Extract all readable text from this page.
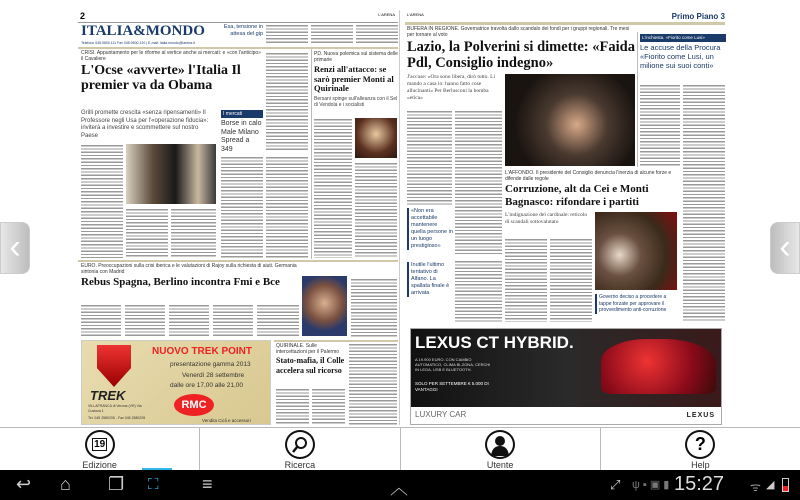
2	L'ARENA
ITALIA&MONDO
Telefono 045.9600.111 Fax 045.9600.120 | E-mail: italia.mondo@larena.it
Esa, tensione in attesa del gip
CRISI. Appuntamento per le riforme al vertice anche ai mercati: e «con l'anticipo» il Cavaliere
L'Ocse «avverte» l'Italia Il premier va da Obama
Grilli promette crescita «senza ripensamenti» Il Professore negli Usa per l'«operazione fiducia»: inviterà a investire e scommettere sul nostro Paese
I mercati
Borse in calo Male Milano Spread a 349
PD. Nuova polemica sul sistema delle primarie
Renzi all'attacco: se sarò premier Monti al Quirinale
Bersani spinge sull'alleanza con il Sel di Vendola e i socialisti
EURO. Preoccupazioni sulla crisi iberica e le valutazioni di Rajoy sulla richiesta di aiuti. Germania sintonia con Madrid
Rebus Spagna, Berlino incontra Fmi e Bce
TREK
NUOVO TREK POINT
presentazione gamma 2013
Venerdì 28 settembre
dalle ore 17,00 alle 21,00
RMC
VILLAFRANCA di Verona (VR) Via Custoza 1
Tel. 045 2580205 - Fax 045 2580205	Vendita Cicli e accessori
QUIRINALE. Sulle intercettazioni per il Palermo
Stato-mafia, il Colle accelera sul ricorso
L'ARENA	Primo Piano 3
BUFERA IN REGIONE. Governatrice travolta dallo scandalo dei fondi per i gruppi regionali. Tre mesi per tornare al voto
Lazio, la Polverini si dimette: «Faida Pdl, Consiglio indegno»
J'accuse: «Ora sono libera, dirò tutto. Li mando a casa io: hanno fatto cose allucinanti» Per Berlusconi la bomba «etica»
«Non era accettabile mantenere quella persone in un luogo prestigioso»
Inutile l'ultimo tentativo di Alfano. La spallata finale è arrivata
L'AFFONDO. Il presidente del Consiglio denuncia l'inerzia di alcune forze e difende dalle regole
Corruzione, alt da Cei e Monti Bagnasco: rifondare i partiti
L'indignazione del cardinale: reticolo di scandali sottovalutato
Governo deciso a procedere a tappe forzate per approvare il provvedimento anti-corruzione
L'inchiesta. «Fiorito come Lusi»
Le accuse della Procura «Fiorito come Lusi, un milione sui suoi conti»
LEXUS CT HYBRID.
A 19.900 EURO. CON CAMBIO AUTOMATICO, CLIMA BI-ZONA, CERCHI IN LEGA, USB E BLUETOOTH.
SOLO PER SETTEMBRE € 5.000 DI VANTAGGI
LUXURY CAR	LEXUS
‹	‹
19
Edizione	Ricerca	Utente
?
Help
↩ ⌂ ❐ ⛶ ≡	︿	⤢ ψ ▪ ▣ ▮ 15:27 ᯤ ◢
